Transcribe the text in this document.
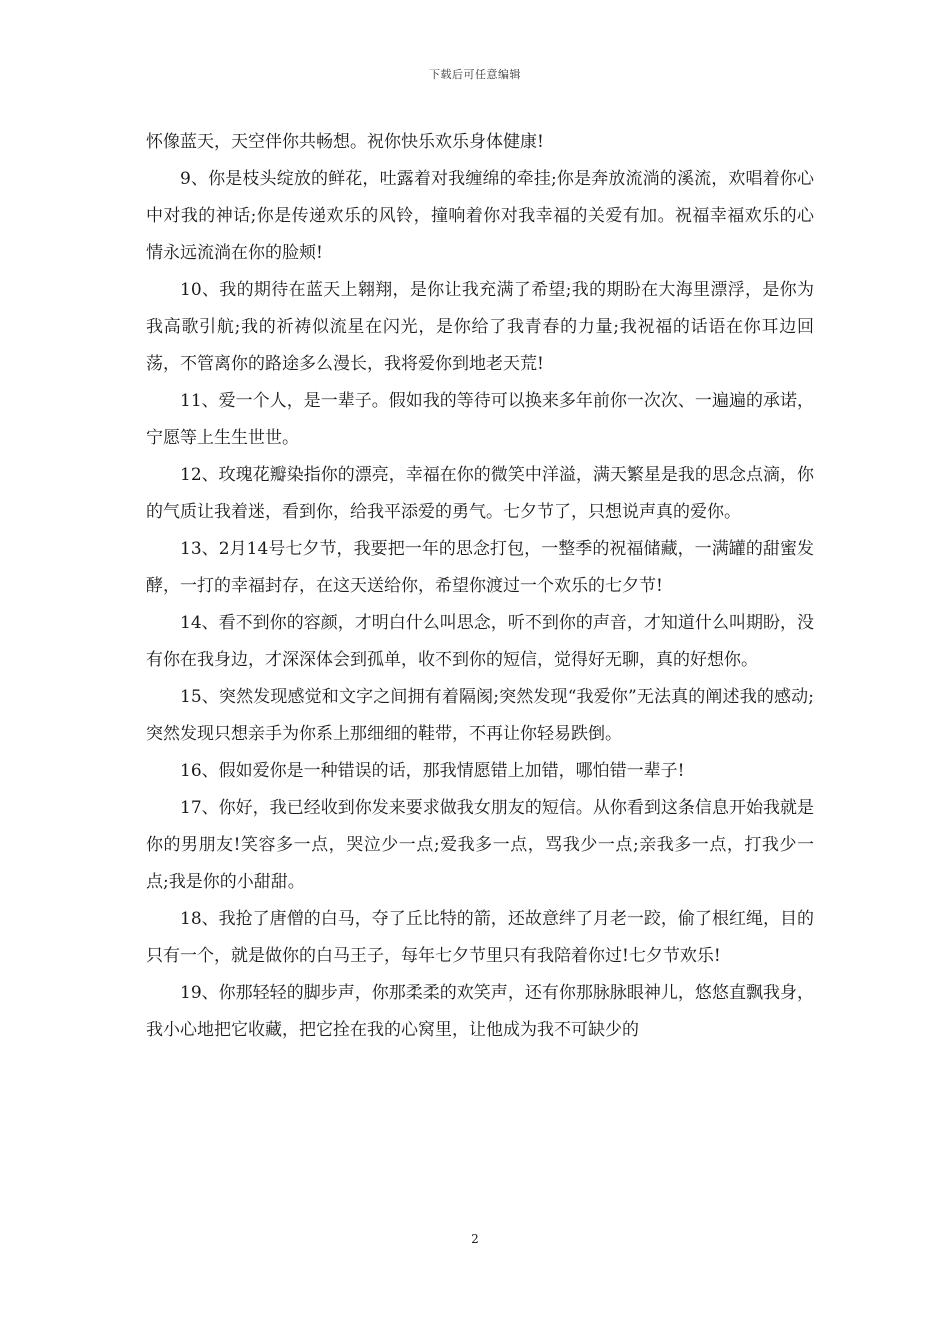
下载后可任意编辑

怀像蓝天，天空伴你共畅想。祝你快乐欢乐身体健康!

9、你是枝头绽放的鲜花，吐露着对我缠绵的牵挂;你是奔放流淌的溪流，欢唱着你心中对我的神话;你是传递欢乐的风铃，撞响着你对我幸福的关爱有加。祝福幸福欢乐的心情永远流淌在你的脸颊!

10、我的期待在蓝天上翱翔，是你让我充满了希望;我的期盼在大海里漂浮，是你为我高歌引航;我的祈祷似流星在闪光，是你给了我青春的力量;我祝福的话语在你耳边回荡，不管离你的路途多么漫长，我将爱你到地老天荒!

11、爱一个人，是一辈子。假如我的等待可以换来多年前你一次次、一遍遍的承诺，宁愿等上生生世世。

12、玫瑰花瓣染指你的漂亮，幸福在你的微笑中洋溢，满天繁星是我的思念点滴，你的气质让我着迷，看到你，给我平添爱的勇气。七夕节了，只想说声真的爱你。

13、2月14号七夕节，我要把一年的思念打包，一整季的祝福储藏，一满罐的甜蜜发酵，一打的幸福封存，在这天送给你，希望你渡过一个欢乐的七夕节!

14、看不到你的容颜，才明白什么叫思念，听不到你的声音，才知道什么叫期盼，没有你在我身边，才深深体会到孤单，收不到你的短信，觉得好无聊，真的好想你。

15、突然发现感觉和文字之间拥有着隔阂;突然发现“我爱你”无法真的阐述我的感动;突然发现只想亲手为你系上那细细的鞋带，不再让你轻易跌倒。

16、假如爱你是一种错误的话，那我情愿错上加错，哪怕错一辈子!

17、你好，我已经收到你发来要求做我女朋友的短信。从你看到这条信息开始我就是你的男朋友!笑容多一点，哭泣少一点;爱我多一点，骂我少一点;亲我多一点，打我少一点;我是你的小甜甜。

18、我抢了唐僧的白马，夺了丘比特的箭，还故意绊了月老一跤，偷了根红绳，目的只有一个，就是做你的白马王子，每年七夕节里只有我陪着你过!七夕节欢乐!

19、你那轻轻的脚步声，你那柔柔的欢笑声，还有你那脉脉眼神儿，悠悠直飘我身，我小心地把它收藏，把它拴在我的心窝里，让他成为我不可缺少的

2
